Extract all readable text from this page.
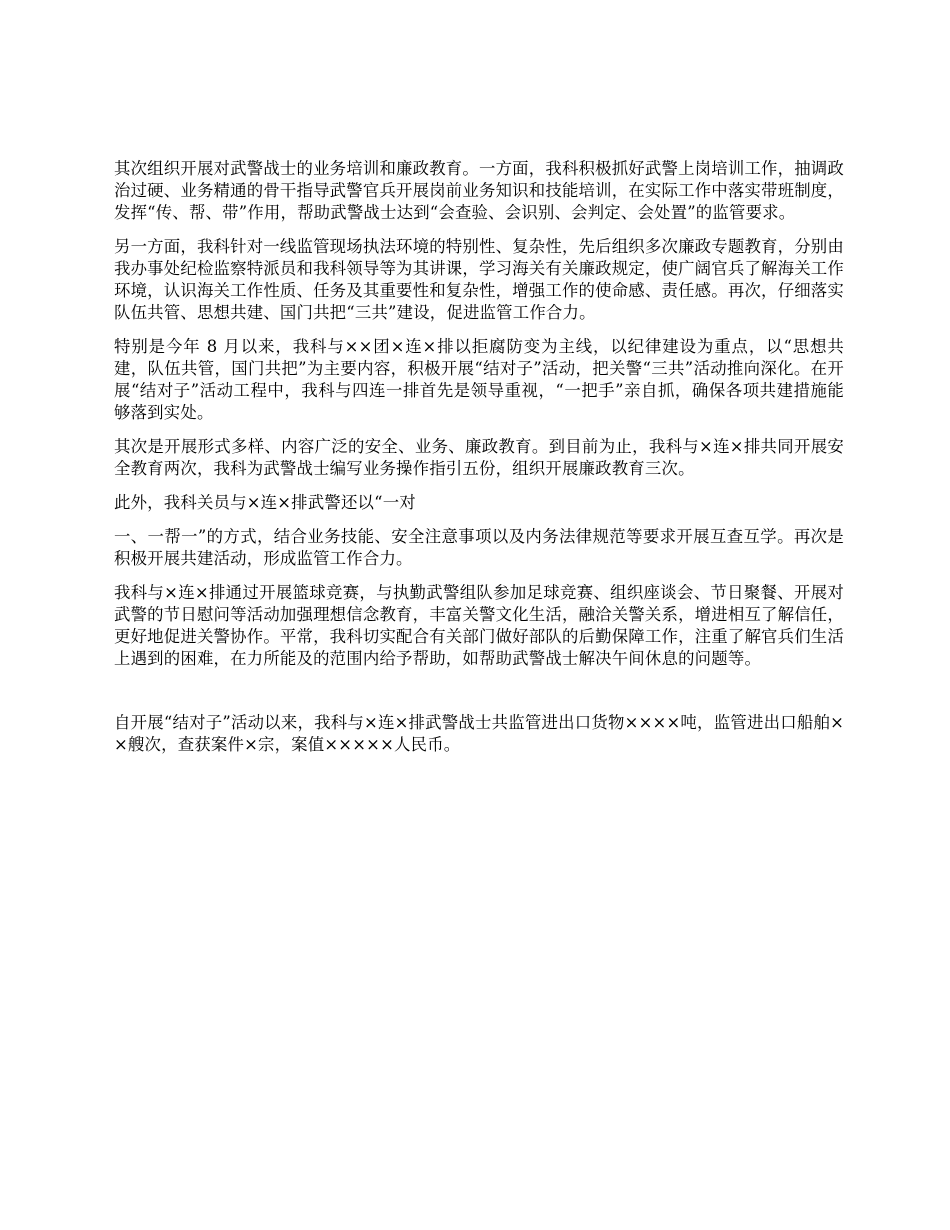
其次组织开展对武警战士的业务培训和廉政教育。一方面，我科积极抓好武警上岗培训工作，抽调政治过硬、业务精通的骨干指导武警官兵开展岗前业务知识和技能培训，在实际工作中落实带班制度，发挥“传、帮、带”作用，帮助武警战士达到“会查验、会识别、会判定、会处置”的监管要求。

另一方面，我科针对一线监管现场执法环境的特别性、复杂性，先后组织多次廉政专题教育，分别由我办事处纪检监察特派员和我科领导等为其讲课，学习海关有关廉政规定，使广阔官兵了解海关工作环境，认识海关工作性质、任务及其重要性和复杂性，增强工作的使命感、责任感。再次，仔细落实队伍共管、思想共建、国门共把“三共”建设，促进监管工作合力。

特别是今年 8 月以来，我科与××团×连×排以拒腐防变为主线，以纪律建设为重点，以“思想共建，队伍共管，国门共把”为主要内容，积极开展“结对子”活动，把关警“三共”活动推向深化。在开展“结对子”活动工程中，我科与四连一排首先是领导重视，“一把手”亲自抓，确保各项共建措施能够落到实处。

其次是开展形式多样、内容广泛的安全、业务、廉政教育。到目前为止，我科与×连×排共同开展安全教育两次，我科为武警战士编写业务操作指引五份，组织开展廉政教育三次。

此外，我科关员与×连×排武警还以“一对

一、一帮一”的方式，结合业务技能、安全注意事项以及内务法律规范等要求开展互查互学。再次是积极开展共建活动，形成监管工作合力。

我科与×连×排通过开展篮球竞赛，与执勤武警组队参加足球竞赛、组织座谈会、节日聚餐、开展对武警的节日慰问等活动加强理想信念教育，丰富关警文化生活，融洽关警关系，增进相互了解信任，更好地促进关警协作。平常，我科切实配合有关部门做好部队的后勤保障工作，注重了解官兵们生活上遇到的困难，在力所能及的范围内给予帮助，如帮助武警战士解决午间休息的问题等。

自开展“结对子”活动以来，我科与×连×排武警战士共监管进出口货物××××吨，监管进出口船舶××艘次，查获案件×宗，案值×××××人民币。
